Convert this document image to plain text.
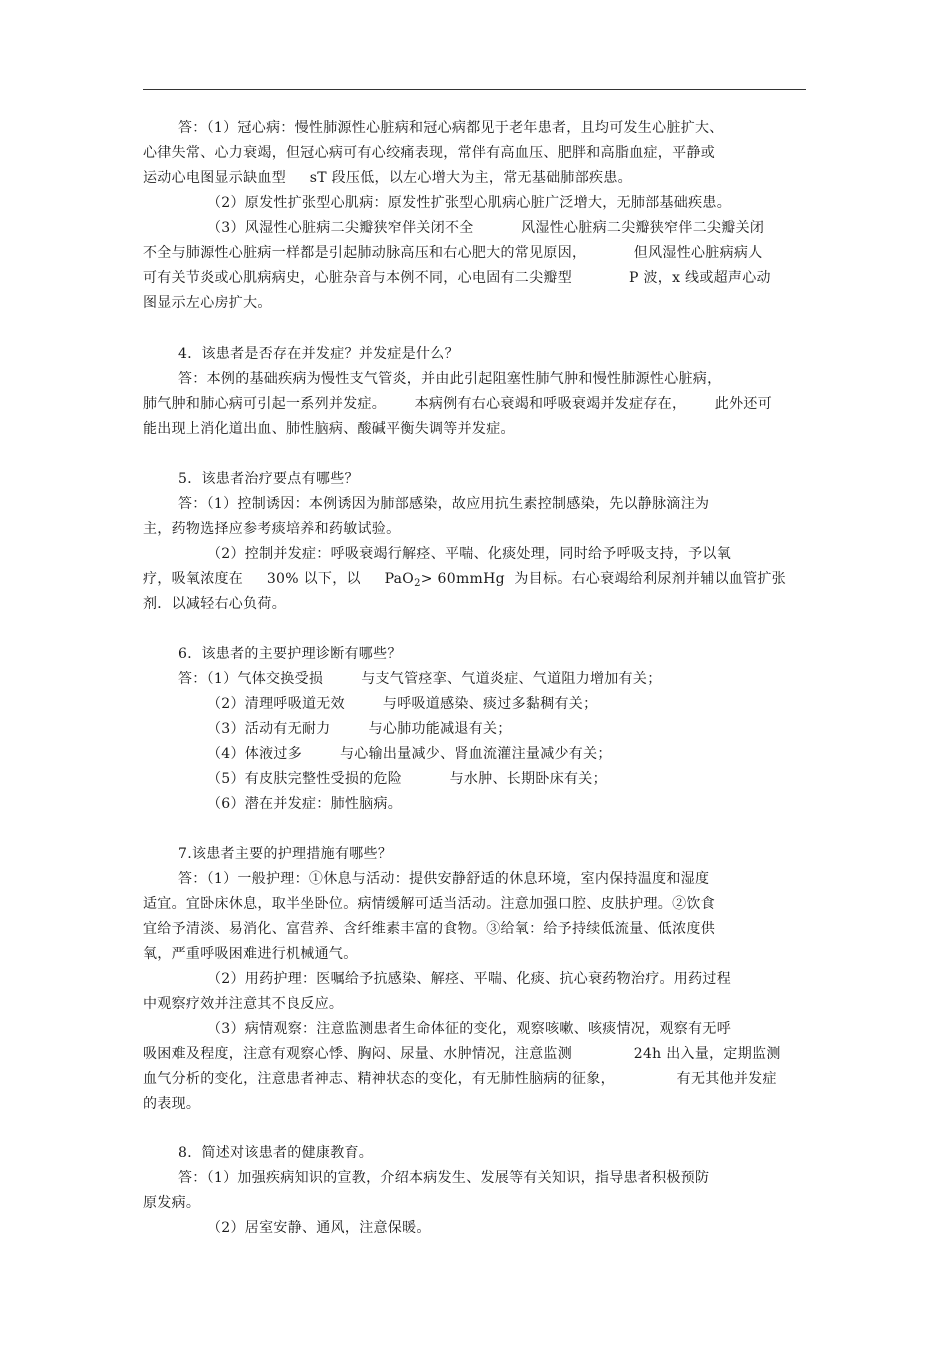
答：（1）冠心病：慢性肺源性心脏病和冠心病都见于老年患者，且均可发生心脏扩大、
心律失常、心力衰竭，但冠心病可有心绞痛表现，常伴有高血压、肥胖和高脂血症，平静或
运动心电图显示缺血型     sT 段压低，以左心增大为主，常无基础肺部疾患。
（2）原发性扩张型心肌病：原发性扩张型心肌病心脏广泛增大，无肺部基础疾患。
（3）风湿性心脏病二尖瓣狭窄伴关闭不全          风湿性心脏病二尖瓣狭窄伴二尖瓣关闭
不全与肺源性心脏病一样都是引起肺动脉高压和右心肥大的常见原因，          但风湿性心脏病病人
可有关节炎或心肌病病史，心脏杂音与本例不同，心电固有二尖瓣型            P 波，x 线或超声心动
图显示左心房扩大。
4．该患者是否存在并发症？并发症是什么？
答：本例的基础疾病为慢性支气管炎，并由此引起阻塞性肺气肿和慢性肺源性心脏病，
肺气肿和肺心病可引起一系列并发症。      本病例有右心衰竭和呼吸衰竭并发症存在，      此外还可
能出现上消化道出血、肺性脑病、酸碱平衡失调等并发症。
5．该患者治疗要点有哪些？
答：（1）控制诱因：本例诱因为肺部感染，故应用抗生素控制感染，先以静脉滴注为
主，药物选择应参考痰培养和药敏试验。
（2）控制并发症：呼吸衰竭行解痉、平喘、化痰处理，同时给予呼吸支持，予以氧
疗，吸氧浓度在     30% 以下，以     PaO$_2$> 60mmHg  为目标。右心衰竭给利尿剂并辅以血管扩张
剂．以减轻右心负荷。
6．该患者的主要护理诊断有哪些？
答：（1）气体交换受损        与支气管痉挛、气道炎症、气道阻力增加有关；
（2）清理呼吸道无效        与呼吸道感染、痰过多黏稠有关；
（3）活动有无耐力        与心肺功能减退有关；
（4）体液过多        与心输出量减少、肾血流灌注量减少有关；
（5）有皮肤完整性受损的危险          与水肿、长期卧床有关；
（6）潜在并发症：肺性脑病。
7.该患者主要的护理措施有哪些？
答：（1）一般护理：①休息与活动：提供安静舒适的休息环境，室内保持温度和湿度
适宜。宜卧床休息，取半坐卧位。病情缓解可适当活动。注意加强口腔、皮肤护理。②饮食
宜给予清淡、易消化、富营养、含纤维素丰富的食物。③给氧：给予持续低流量、低浓度供
氧，严重呼吸困难进行机械通气。
（2）用药护理：医嘱给予抗感染、解痉、平喘、化痰、抗心衰药物治疗。用药过程
中观察疗效并注意其不良反应。
（3）病情观察：注意监测患者生命体征的变化，观察咳嗽、咳痰情况，观察有无呼
吸困难及程度，注意有观察心悸、胸闷、尿量、水肿情况，注意监测             24h 出入量，定期监测
血气分析的变化，注意患者神志、精神状态的变化，有无肺性脑病的征象，             有无其他并发症
的表现。
8．简述对该患者的健康教育。
答：（1）加强疾病知识的宣教，介绍本病发生、发展等有关知识，指导患者积极预防
原发病。
（2）居室安静、通风，注意保暖。
